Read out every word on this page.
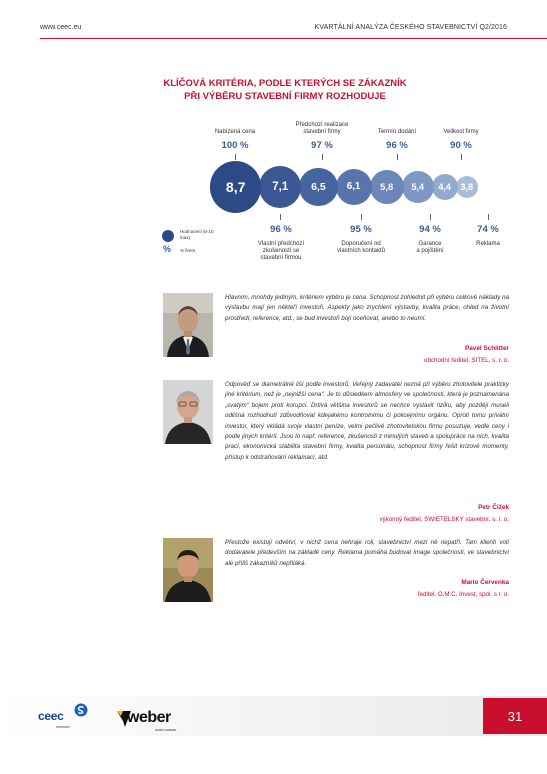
www.ceec.eu	KVARTÁLNÍ ANALÝZA ČESKÉHO STAVEBNICTVÍ Q2/2016
KLÍČOVÁ KRITÉRIA, PODLE KTERÝCH SE ZÁKAZNÍK
PŘI VÝBĚRU STAVEBNÍ FIRMY ROZHODUJE
Nabízená cena
Předchozí realizace
stavební firmy	Termín dodání	Velikost firmy
100 %	97 %	96 %	90 %
8,7	7,1	6,5	6,1	5,8	5,4	4,4	3,8
96 %	95 %	94 %	74 %
Vlastní předchozí
zkušenosti se
stavební firmou
Doporučení od
vlastních kontaktů
Garance
a pojištění
Reklama
Hodnocení (0-10 max)
% % firem
Hlavním, mnohdy jediným, kritériem výběru je cena. Schopnost zohlednit při výběru celkové náklady na výstavbu mají jen někteří investoři. Aspekty jako zrychlení výstavby, kvalita práce, ohled na životní prostředí, reference, atd., se bud investoři bojí oceňovat, anebo to neumí.
Pavel Schlitter
obchodní ředitel, SITEL, s. r. o.
Odpověď se diametrálně liší podle investorů. Veřejný zadavatel nezná při výběru zhotovitele prakticky jiné kritérium, než je „nejnižší cena“. Je to důsledkem atmosféry ve společnosti, která je poznamenána „svatým“ bojem proti korupci. Drtivá většina investorů se nechce vystavit riziku, aby později museli odlišná rozhodnutí zdůvodňovat kdejakému kontrolnímu či policejnímu orgánu. Oproti tomu privátní investor, který vkládá svoje vlastní peníze, velmi pečlivě zhotovitelskou firmu posuzuje, vedle ceny i podle jiných kritérií. Jsou to např. reference, zkušenosti z minulých staveb a spolupráce na nich, kvalita prací, ekonomická stabilita stavební firmy, kvalita personálu, schopnost firmy řešit krizové momenty, přístup k odstraňování reklamací, atd.
Petr Čížek
výkonný ředitel, SWIETELSKY stavební, s. r. o.
Přestože existují odvětví, v nichž cena nehraje roli, stavebnictví mezi ně nepatří. Tam klienti volí dodavatele především na základě ceny. Reklama pomáhá budovat image společnosti, ve stavebnictví ale příliš zákazníků nepřiláká.
Mario Červenka
ředitel, O.M.C. Invest, spol. s r. o.
31
ceec
research
weber
SAINT-GOBAIN
